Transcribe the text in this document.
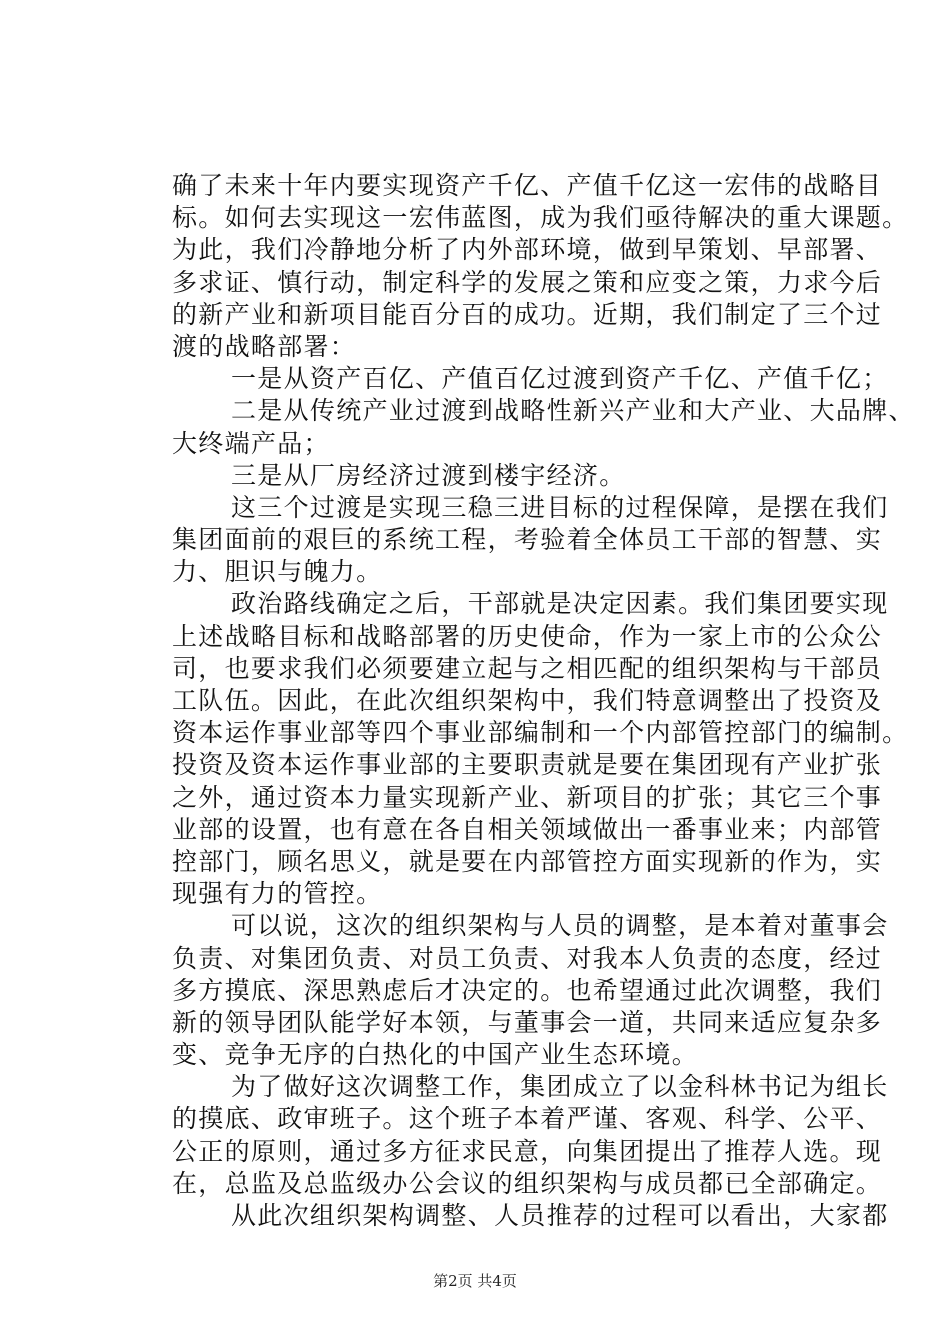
确了未来十年内要实现资产千亿、产值千亿这一宏伟的战略目
标。如何去实现这一宏伟蓝图，成为我们亟待解决的重大课题。
为此，我们冷静地分析了内外部环境，做到早策划、早部署、
多求证、慎行动，制定科学的发展之策和应变之策，力求今后
的新产业和新项目能百分百的成功。近期，我们制定了三个过
渡的战略部署：
一是从资产百亿、产值百亿过渡到资产千亿、产值千亿；
二是从传统产业过渡到战略性新兴产业和大产业、大品牌、
大终端产品；
三是从厂房经济过渡到楼宇经济。
这三个过渡是实现三稳三进目标的过程保障，是摆在我们
集团面前的艰巨的系统工程，考验着全体员工干部的智慧、实
力、胆识与魄力。
政治路线确定之后，干部就是决定因素。我们集团要实现
上述战略目标和战略部署的历史使命，作为一家上市的公众公
司，也要求我们必须要建立起与之相匹配的组织架构与干部员
工队伍。因此，在此次组织架构中，我们特意调整出了投资及
资本运作事业部等四个事业部编制和一个内部管控部门的编制。
投资及资本运作事业部的主要职责就是要在集团现有产业扩张
之外，通过资本力量实现新产业、新项目的扩张；其它三个事
业部的设置，也有意在各自相关领域做出一番事业来；内部管
控部门，顾名思义，就是要在内部管控方面实现新的作为，实
现强有力的管控。
可以说，这次的组织架构与人员的调整，是本着对董事会
负责、对集团负责、对员工负责、对我本人负责的态度，经过
多方摸底、深思熟虑后才决定的。也希望通过此次调整，我们
新的领导团队能学好本领，与董事会一道，共同来适应复杂多
变、竞争无序的白热化的中国产业生态环境。
为了做好这次调整工作，集团成立了以金科林书记为组长
的摸底、政审班子。这个班子本着严谨、客观、科学、公平、
公正的原则，通过多方征求民意，向集团提出了推荐人选。现
在，总监及总监级办公会议的组织架构与成员都已全部确定。
从此次组织架构调整、人员推荐的过程可以看出，大家都
第2页 共4页
